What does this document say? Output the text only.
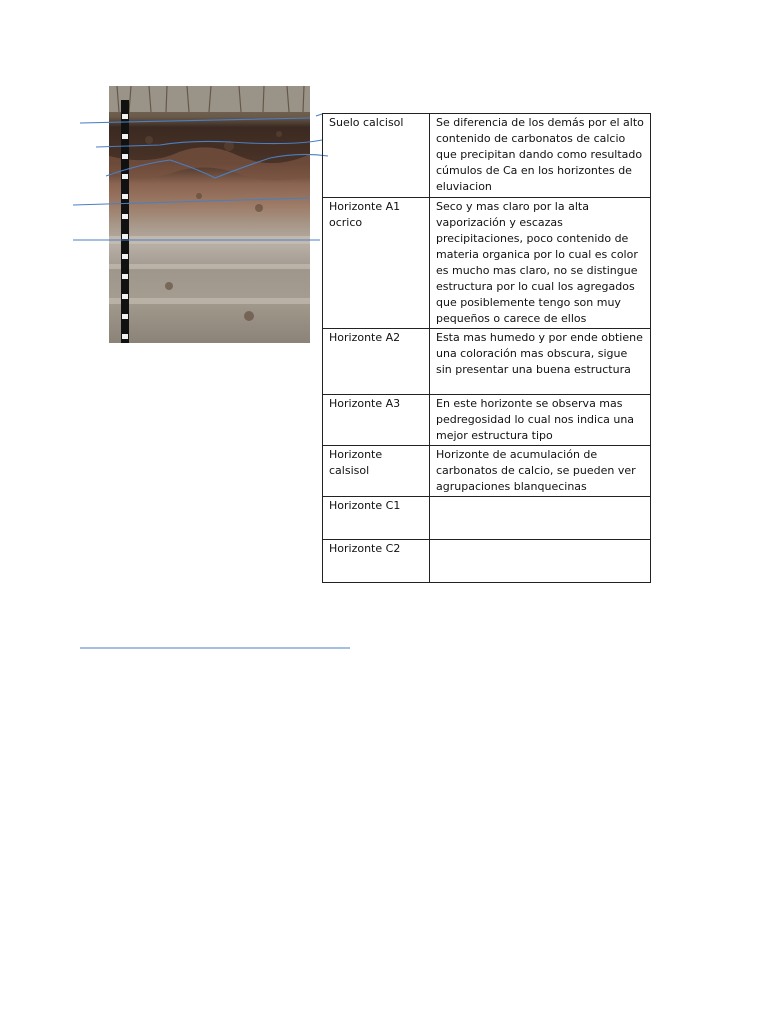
Suelo calcisol	Se diferencia de los demás por el alto contenido de carbonatos de calcio que precipitan dando como resultado cúmulos de Ca en los horizontes de eluviacion
Horizonte A1 ocrico	Seco y mas claro por la alta vaporización y escazas precipitaciones, poco contenido de materia organica por lo cual es color es mucho mas claro, no se distingue estructura por lo cual los agregados que posiblemente tengo son muy pequeños o carece de ellos
Horizonte A2	Esta mas humedo y por ende obtiene una coloración mas obscura, sigue sin presentar una buena estructura
Horizonte A3	En este horizonte se observa mas pedregosidad lo cual nos indica una mejor estructura tipo
Horizonte calsisol	Horizonte de acumulación de carbonatos de calcio, se pueden ver agrupaciones blanquecinas
Horizonte C1	
Horizonte C2	
